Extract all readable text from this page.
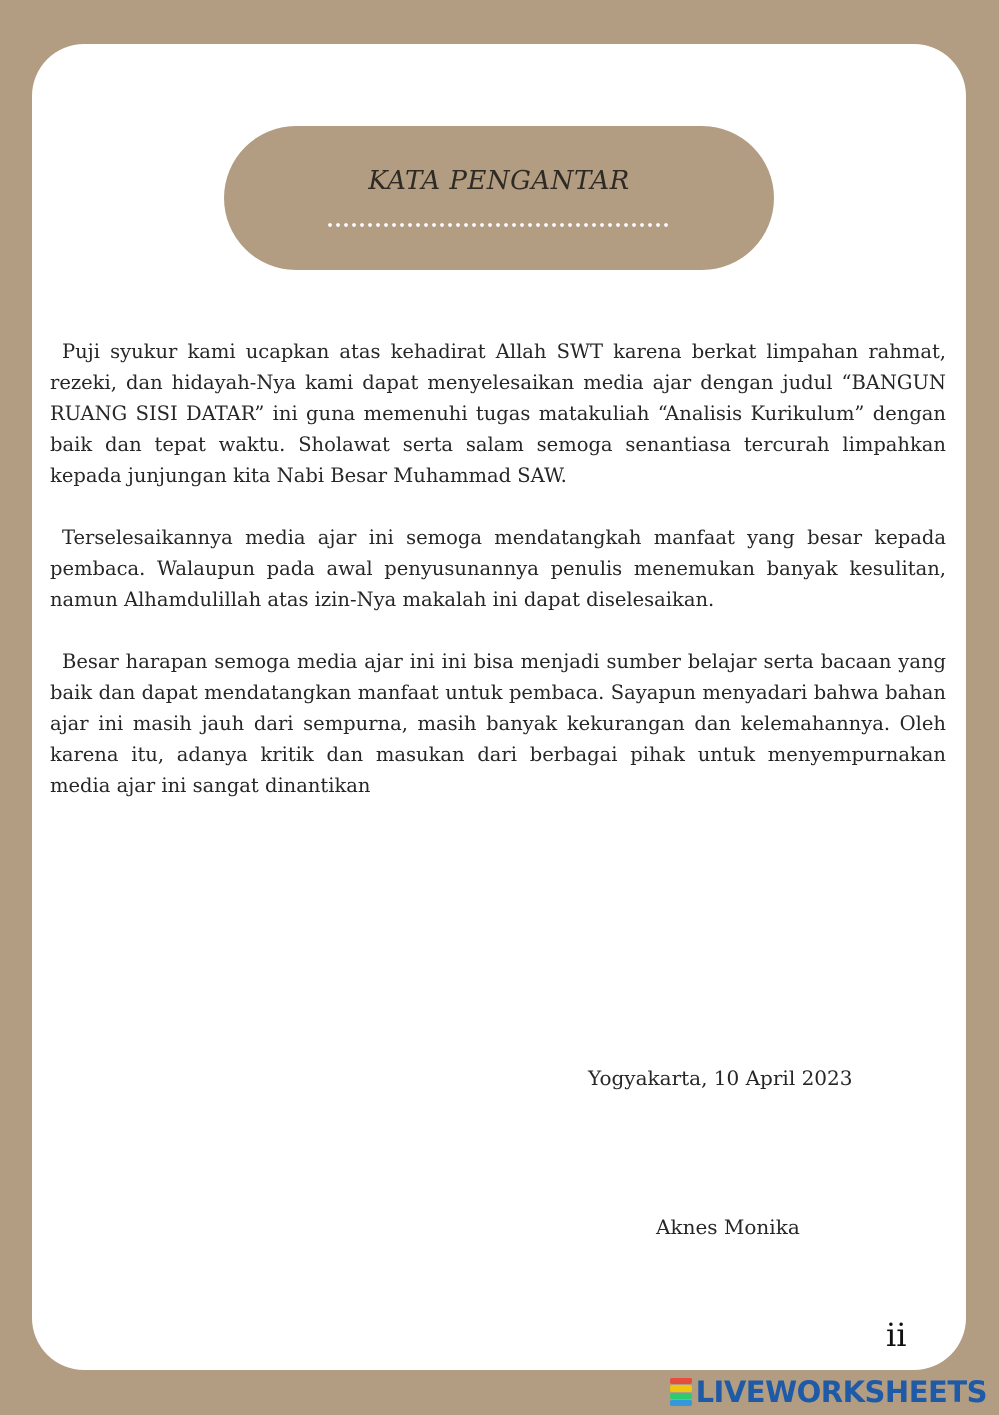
KATA PENGANTAR

Puji syukur kami ucapkan atas kehadirat Allah SWT karena berkat limpahan rahmat, rezeki, dan hidayah-Nya kami dapat menyelesaikan media ajar dengan judul “BANGUN RUANG SISI DATAR” ini guna memenuhi tugas matakuliah “Analisis Kurikulum” dengan baik dan tepat waktu. Sholawat serta salam semoga senantiasa tercurah limpahkan kepada junjungan kita Nabi Besar Muhammad SAW.

Terselesaikannya media ajar ini semoga mendatangkah manfaat yang besar kepada pembaca. Walaupun pada awal penyusunannya penulis menemukan banyak kesulitan, namun Alhamdulillah atas izin-Nya makalah ini dapat diselesaikan.

Besar harapan semoga media ajar ini ini bisa menjadi sumber belajar serta bacaan yang baik dan dapat mendatangkan manfaat untuk pembaca. Sayapun menyadari bahwa bahan ajar ini masih jauh dari sempurna, masih banyak kekurangan dan kelemahannya. Oleh karena itu, adanya kritik dan masukan dari berbagai pihak untuk menyempurnakan media ajar ini sangat dinantikan

Yogyakarta, 10 April 2023
Aknes Monika
ii
LIVEWORKSHEETS
